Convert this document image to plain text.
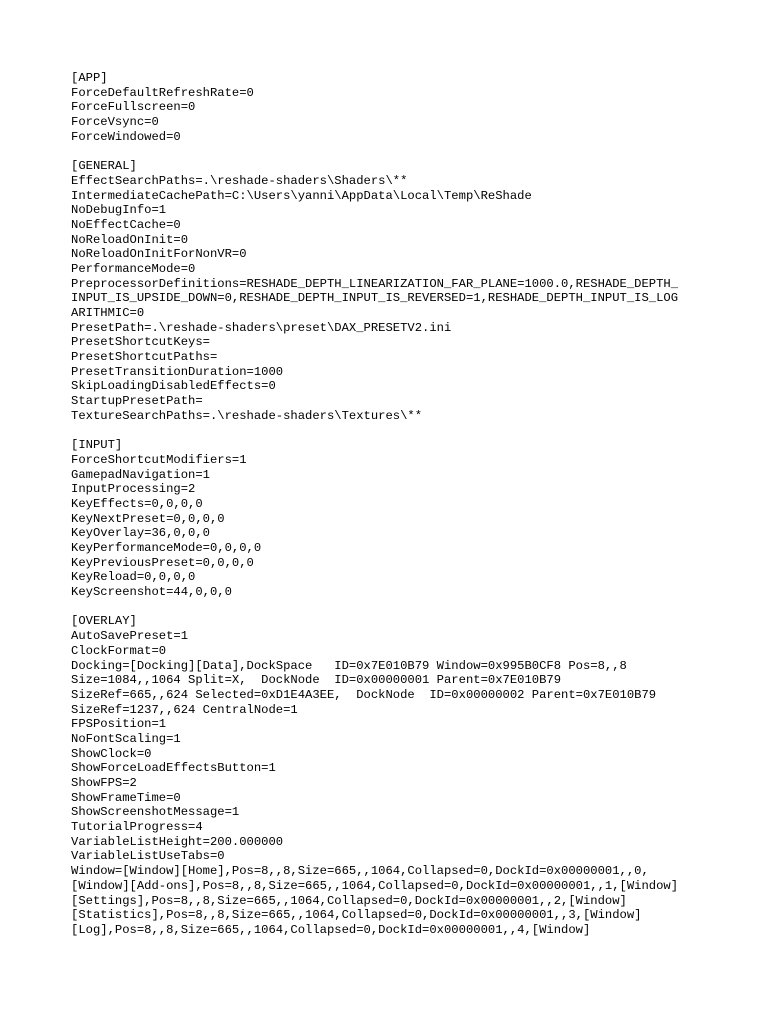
[APP]
ForceDefaultRefreshRate=0
ForceFullscreen=0
ForceVsync=0
ForceWindowed=0

[GENERAL]
EffectSearchPaths=.\reshade-shaders\Shaders\**
IntermediateCachePath=C:\Users\yanni\AppData\Local\Temp\ReShade
NoDebugInfo=1
NoEffectCache=0
NoReloadOnInit=0
NoReloadOnInitForNonVR=0
PerformanceMode=0
PreprocessorDefinitions=RESHADE_DEPTH_LINEARIZATION_FAR_PLANE=1000.0,RESHADE_DEPTH_
INPUT_IS_UPSIDE_DOWN=0,RESHADE_DEPTH_INPUT_IS_REVERSED=1,RESHADE_DEPTH_INPUT_IS_LOG
ARITHMIC=0
PresetPath=.\reshade-shaders\preset\DAX_PRESETV2.ini
PresetShortcutKeys=
PresetShortcutPaths=
PresetTransitionDuration=1000
SkipLoadingDisabledEffects=0
StartupPresetPath=
TextureSearchPaths=.\reshade-shaders\Textures\**

[INPUT]
ForceShortcutModifiers=1
GamepadNavigation=1
InputProcessing=2
KeyEffects=0,0,0,0
KeyNextPreset=0,0,0,0
KeyOverlay=36,0,0,0
KeyPerformanceMode=0,0,0,0
KeyPreviousPreset=0,0,0,0
KeyReload=0,0,0,0
KeyScreenshot=44,0,0,0

[OVERLAY]
AutoSavePreset=1
ClockFormat=0
Docking=[Docking][Data],DockSpace   ID=0x7E010B79 Window=0x995B0CF8 Pos=8,,8
Size=1084,,1064 Split=X,  DockNode  ID=0x00000001 Parent=0x7E010B79
SizeRef=665,,624 Selected=0xD1E4A3EE,  DockNode  ID=0x00000002 Parent=0x7E010B79
SizeRef=1237,,624 CentralNode=1
FPSPosition=1
NoFontScaling=1
ShowClock=0
ShowForceLoadEffectsButton=1
ShowFPS=2
ShowFrameTime=0
ShowScreenshotMessage=1
TutorialProgress=4
VariableListHeight=200.000000
VariableListUseTabs=0
Window=[Window][Home],Pos=8,,8,Size=665,,1064,Collapsed=0,DockId=0x00000001,,0,
[Window][Add-ons],Pos=8,,8,Size=665,,1064,Collapsed=0,DockId=0x00000001,,1,[Window]
[Settings],Pos=8,,8,Size=665,,1064,Collapsed=0,DockId=0x00000001,,2,[Window]
[Statistics],Pos=8,,8,Size=665,,1064,Collapsed=0,DockId=0x00000001,,3,[Window]
[Log],Pos=8,,8,Size=665,,1064,Collapsed=0,DockId=0x00000001,,4,[Window]
